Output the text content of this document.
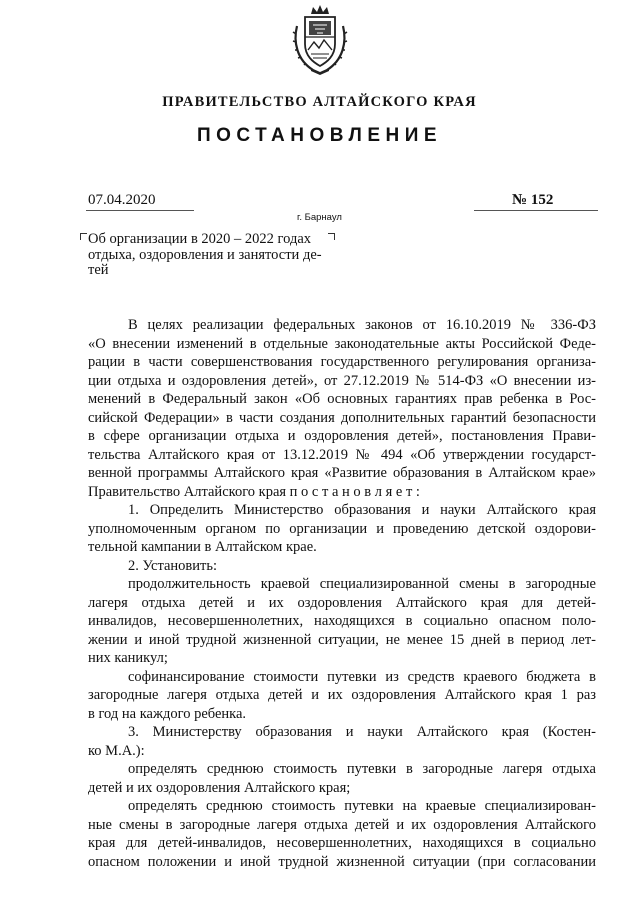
ПРАВИТЕЛЬСТВО АЛТАЙСКОГО КРАЯ
ПОСТАНОВЛЕНИЕ
07.04.2020	№ 152
г. Барнаул
Об организации в 2020 – 2022 годах
отдыха, оздоровления и занятости де-
тей
В целях реализации федеральных законов от 16.10.2019 № 336-ФЗ
«О внесении изменений в отдельные законодательные акты Российской Феде-
рации в части совершенствования государственного регулирования организа-
ции отдыха и оздоровления детей», от 27.12.2019 № 514-ФЗ «О внесении из-
менений в Федеральный закон «Об основных гарантиях прав ребенка в Рос-
сийской Федерации» в части создания дополнительных гарантий безопасности
в сфере организации отдыха и оздоровления детей», постановления Прави-
тельства Алтайского края от 13.12.2019 № 494 «Об утверждении государст-
венной программы Алтайского края «Развитие образования в Алтайском крае»
Правительство Алтайского края п о с т а н о в л я е т :
1. Определить Министерство образования и науки Алтайского края
уполномоченным органом по организации и проведению детской оздорови-
тельной кампании в Алтайском крае.
2. Установить:
продолжительность краевой специализированной смены в загородные
лагеря отдыха детей и их оздоровления Алтайского края для детей-
инвалидов, несовершеннолетних, находящихся в социально опасном поло-
жении и иной трудной жизненной ситуации, не менее 15 дней в период лет-
них каникул;
софинансирование стоимости путевки из средств краевого бюджета в
загородные лагеря отдыха детей и их оздоровления Алтайского края 1 раз
в год на каждого ребенка.
3. Министерству образования и науки Алтайского края (Костен-
ко М.А.):
определять среднюю стоимость путевки в загородные лагеря отдыха
детей и их оздоровления Алтайского края;
определять среднюю стоимость путевки на краевые специализирован-
ные смены в загородные лагеря отдыха детей и их оздоровления Алтайского
края для детей-инвалидов, несовершеннолетних, находящихся в социально
опасном положении и иной трудной жизненной ситуации (при согласовании
